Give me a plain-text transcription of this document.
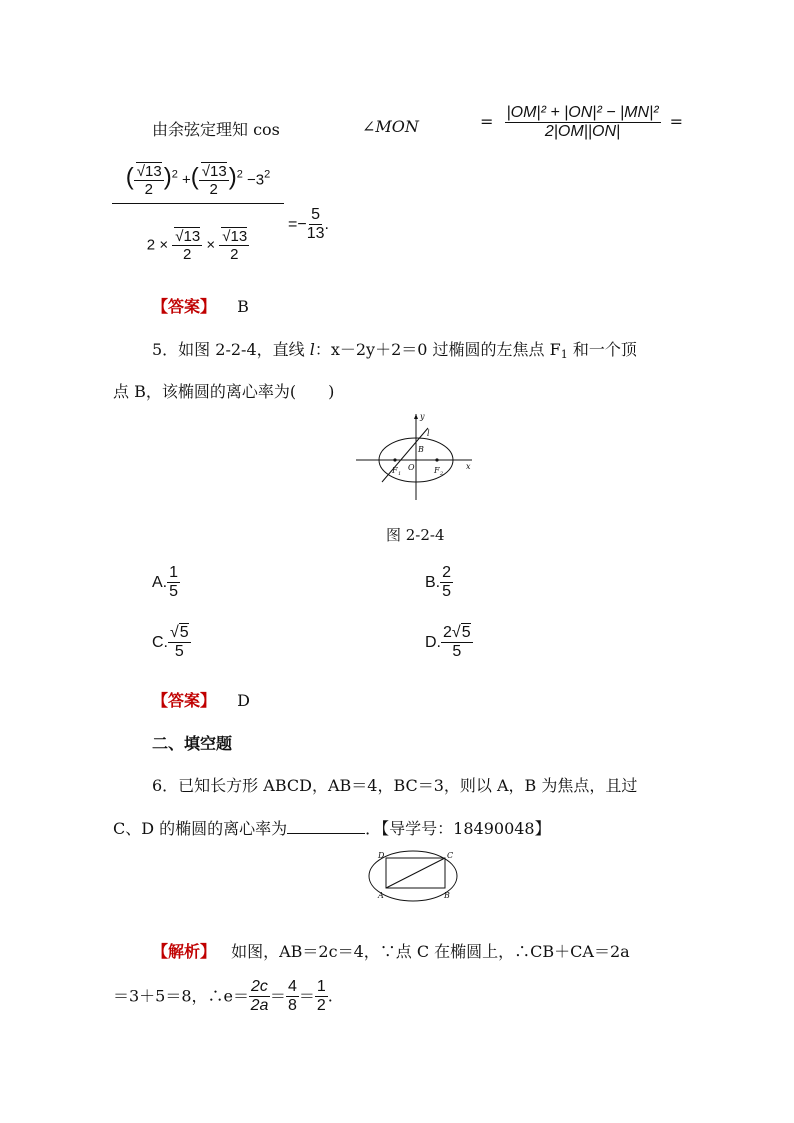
由余弦定理知 cos	∠MON	= $\frac{\text{|OM|² + |ON|² − |MN|²}}{2|OM||ON|}$ =
( $\frac{√13}{2} )^2$ +( $\frac{√13}{2} )^2 -3^2$
$2 \times \frac{√13}{2} \times \frac{√13}{2}$
=− $\frac{5}{13}$ .
【答案】 B
5．如图 2-2-4，直线 l：x－2y＋2＝0 过椭圆的左焦点 $F_1$ 和一个顶
点 B，该椭圆的离心率为(　　)
y
l
B
O
F 1	F 2
x
图 2-2-4
A. $\frac{1}{5}$	B. $\frac{2}{5}$
C. $\frac{√5}{5}$	D. $\frac{2√5}{5}$
【答案】 D
二、填空题
6．已知长方形 ABCD，AB＝4，BC＝3，则以 A，B 为焦点，且过
C、D 的椭圆的离心率为	．【导学号：18490048】
D	C
A	B
【解析】 如图，AB＝2c＝4，∵点 C 在椭圆上，∴CB＋CA＝2a
＝3＋5＝8，∴e＝ $\frac{2c}{2a} = \frac{4}{8} = \frac{1}{2}$ .
